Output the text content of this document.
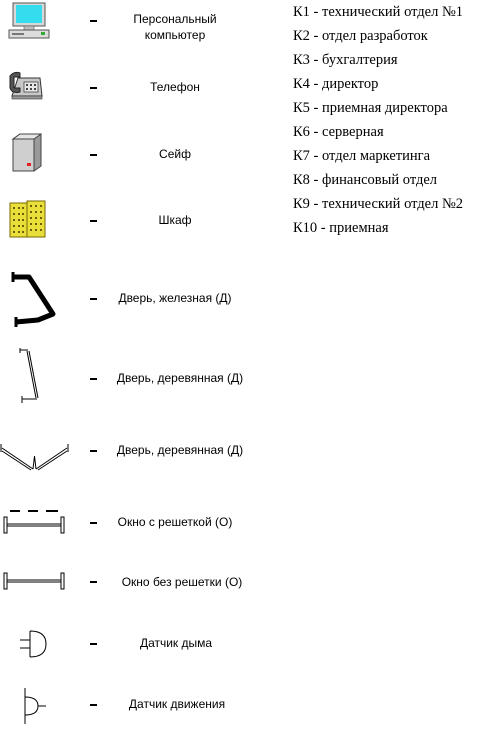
Персональный
компьютер
Телефон
Сейф
Шкаф
Дверь, железная (Д)
Дверь, деревянная (Д)
Дверь, деревянная (Д)
Окно с решеткой (О)
Окно без решетки (О)
Датчик дыма
Датчик движения
К1 - технический отдел №1
К2 - отдел разработок
К3 - бухгалтерия
К4 - директор
К5 - приемная директора
К6 - серверная
К7 - отдел маркетинга
К8 - финансовый отдел
К9 - технический отдел №2
К10 - приемная
